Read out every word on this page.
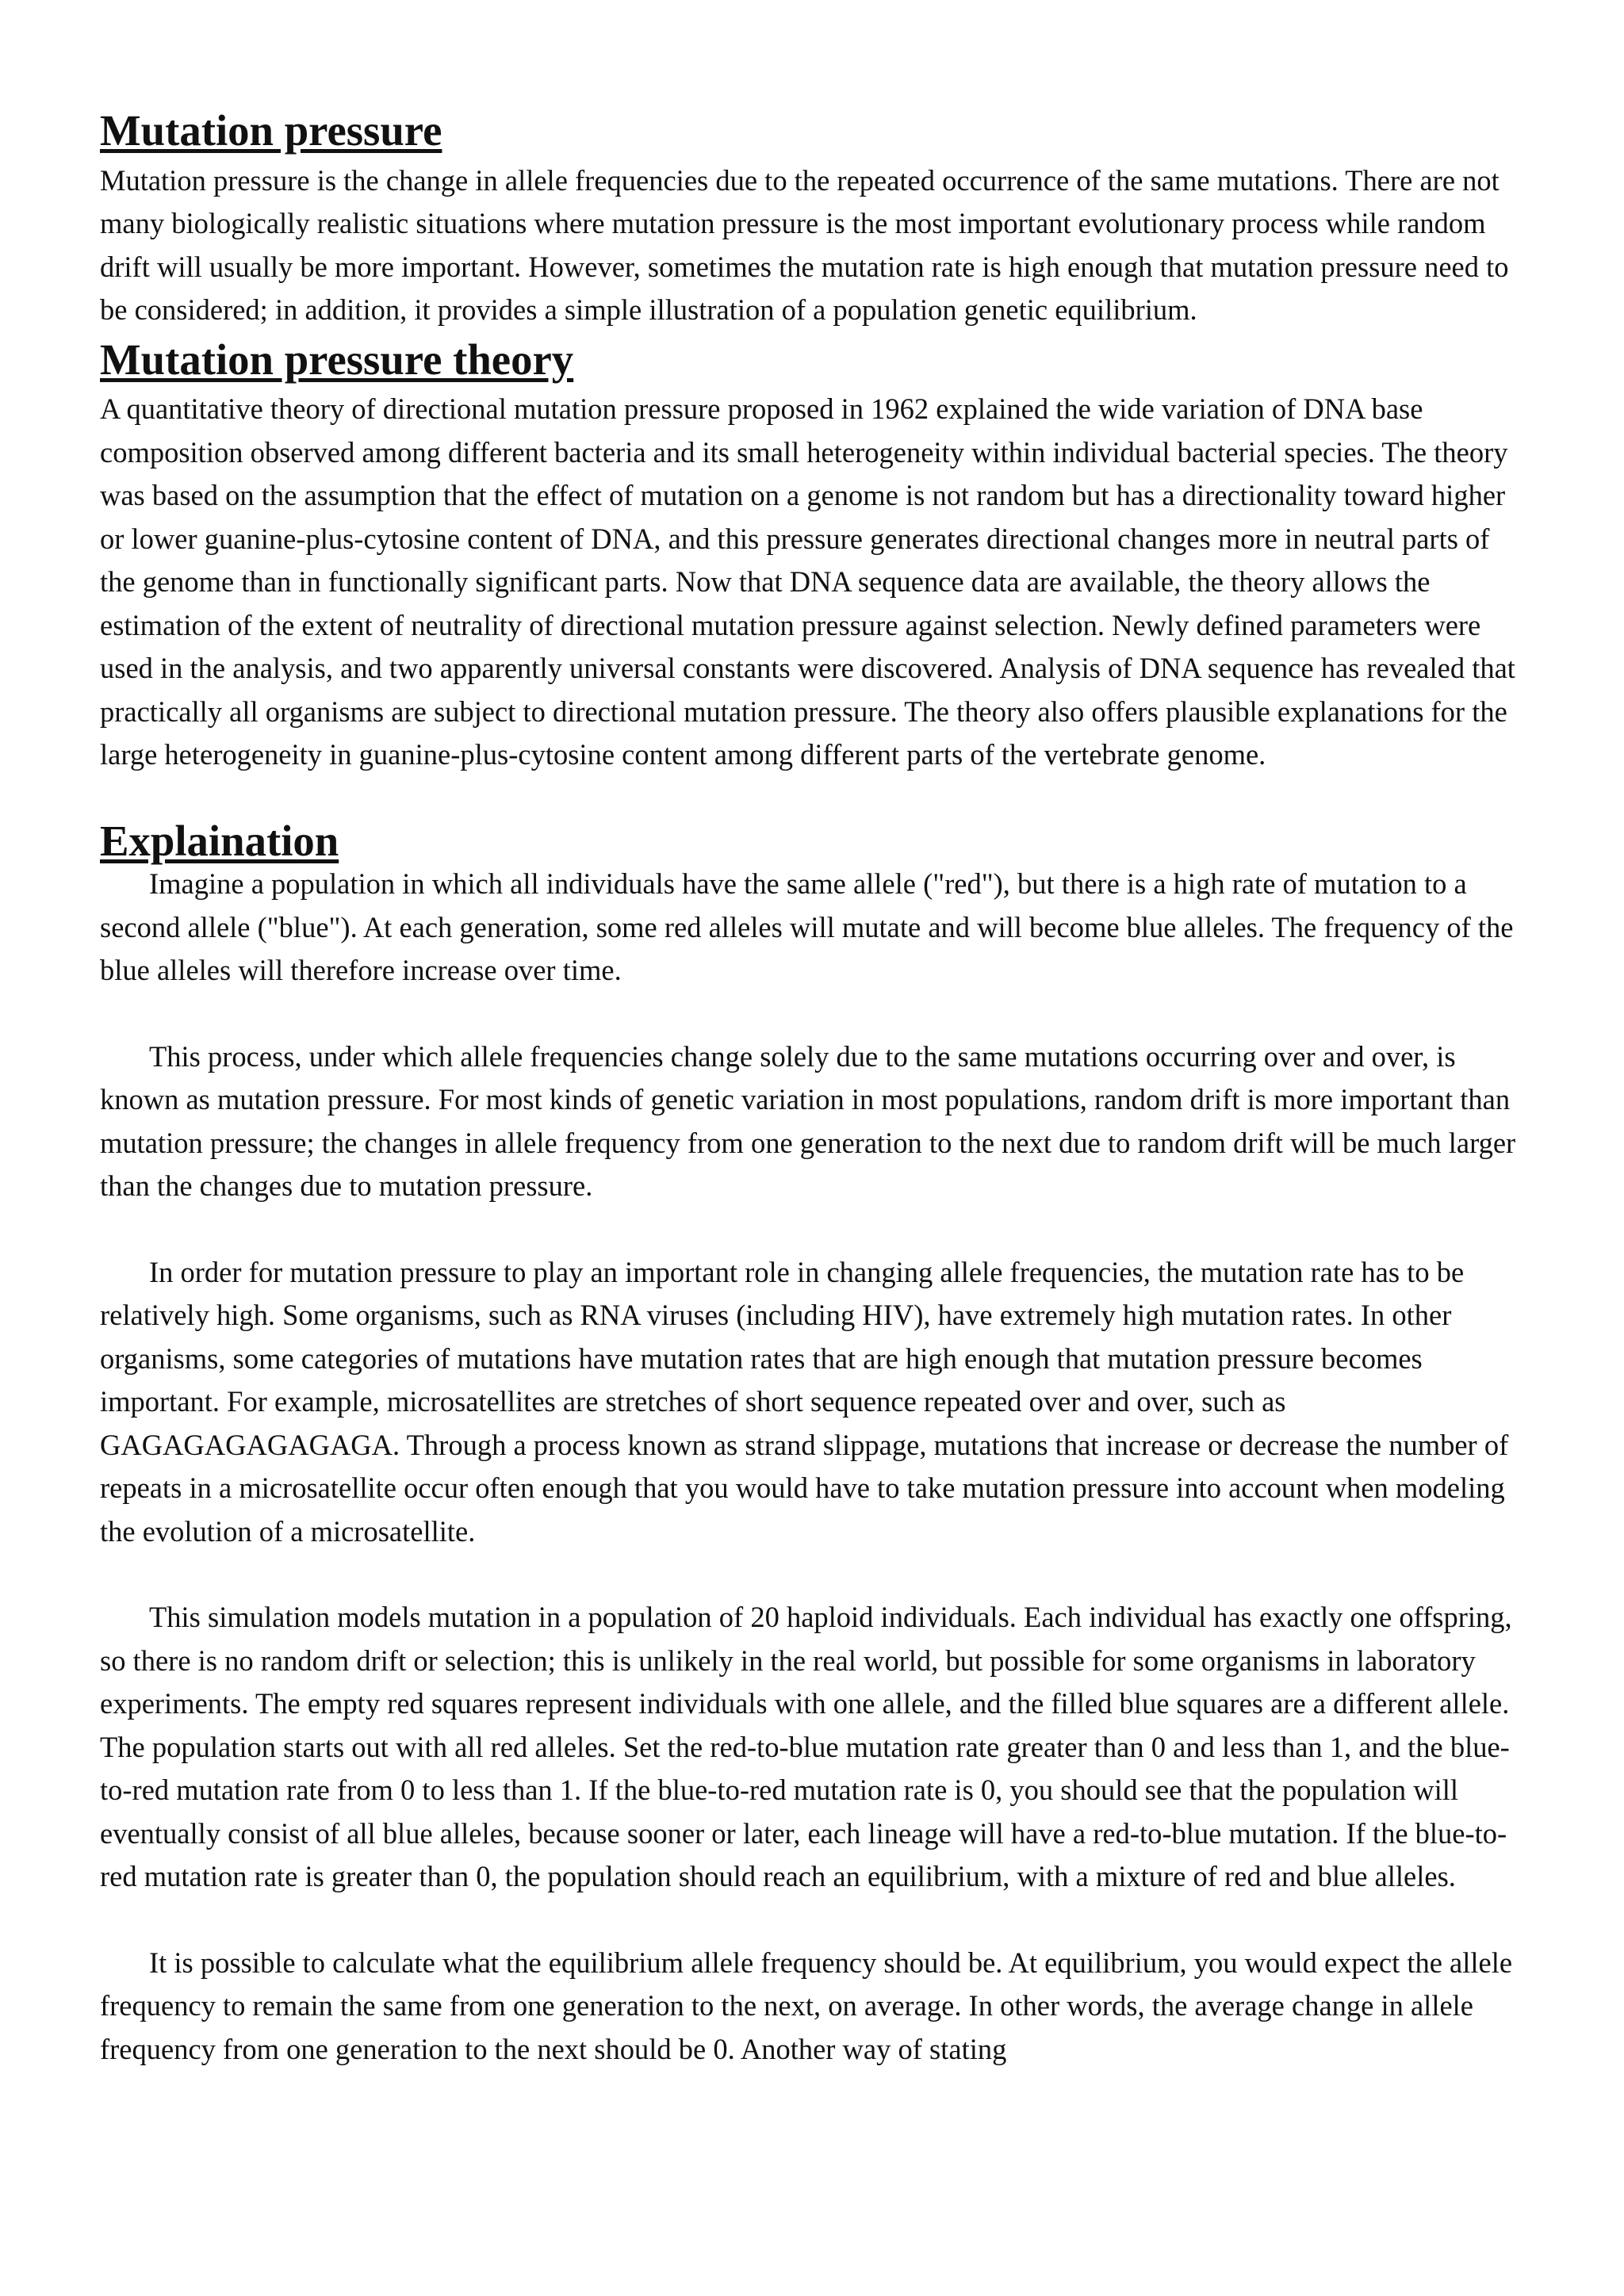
Mutation pressure

Mutation pressure is the change in allele frequencies due to the repeated occurrence of the same mutations. There are not many biologically realistic situations where mutation pressure is the most important evolutionary process while random drift will usually be more important. However, sometimes the mutation rate is high enough that mutation pressure need to be considered; in addition, it provides a simple illustration of a population genetic equilibrium.

Mutation pressure theory

A quantitative theory of directional mutation pressure proposed in 1962 explained the wide variation of DNA base composition observed among different bacteria and its small heterogeneity within individual bacterial species. The theory was based on the assumption that the effect of mutation on a genome is not random but has a directionality toward higher or lower guanine-plus-cytosine content of DNA, and this pressure generates directional changes more in neutral parts of the genome than in functionally significant parts. Now that DNA sequence data are available, the theory allows the estimation of the extent of neutrality of directional mutation pressure against selection. Newly defined parameters were used in the analysis, and two apparently universal constants were discovered. Analysis of DNA sequence has revealed that practically all organisms are subject to directional mutation pressure. The theory also offers plausible explanations for the large heterogeneity in guanine-plus-cytosine content among different parts of the vertebrate genome.

Explaination

Imagine a population in which all individuals have the same allele ("red"), but there is a high rate of mutation to a second allele ("blue"). At each generation, some red alleles will mutate and will become blue alleles. The frequency of the blue alleles will therefore increase over time.

This process, under which allele frequencies change solely due to the same mutations occurring over and over, is known as mutation pressure. For most kinds of genetic variation in most populations, random drift is more important than mutation pressure; the changes in allele frequency from one generation to the next due to random drift will be much larger than the changes due to mutation pressure.

In order for mutation pressure to play an important role in changing allele frequencies, the mutation rate has to be relatively high. Some organisms, such as RNA viruses (including HIV), have extremely high mutation rates. In other organisms, some categories of mutations have mutation rates that are high enough that mutation pressure becomes important. For example, microsatellites are stretches of short sequence repeated over and over, such as GAGAGAGAGAGAGA. Through a process known as strand slippage, mutations that increase or decrease the number of repeats in a microsatellite occur often enough that you would have to take mutation pressure into account when modeling the evolution of a microsatellite.

This simulation models mutation in a population of 20 haploid individuals. Each individual has exactly one offspring, so there is no random drift or selection; this is unlikely in the real world, but possible for some organisms in laboratory experiments. The empty red squares represent individuals with one allele, and the filled blue squares are a different allele. The population starts out with all red alleles. Set the red-to-blue mutation rate greater than 0 and less than 1, and the blue-to-red mutation rate from 0 to less than 1. If the blue-to-red mutation rate is 0, you should see that the population will eventually consist of all blue alleles, because sooner or later, each lineage will have a red-to-blue mutation. If the blue-to-red mutation rate is greater than 0, the population should reach an equilibrium, with a mixture of red and blue alleles.

It is possible to calculate what the equilibrium allele frequency should be. At equilibrium, you would expect the allele frequency to remain the same from one generation to the next, on average. In other words, the average change in allele frequency from one generation to the next should be 0. Another way of stating
